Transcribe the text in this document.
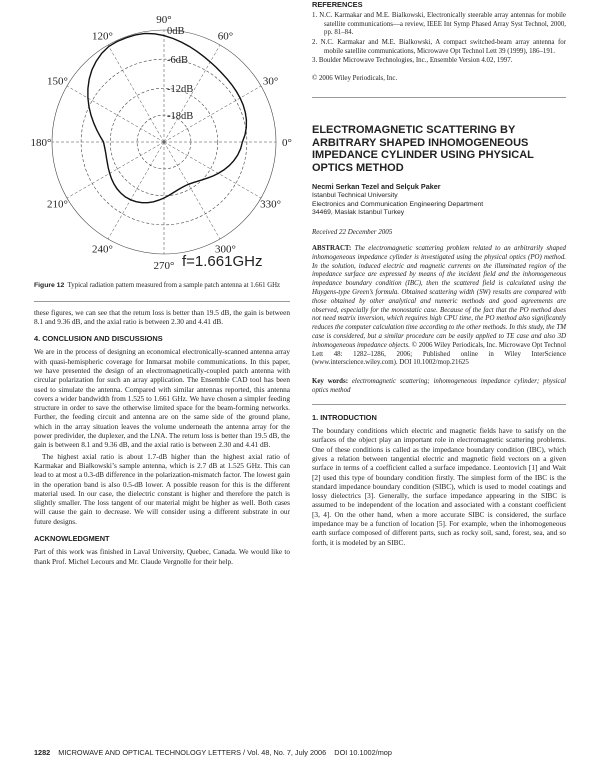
90°
60°
30°
0°
330°
300°
270°
240°
210°
180°
150°
120°	0dB
-6dB
-12dB
-18dB
f=1.661GHz
Figure 12 Typical radiation pattern measured from a sample patch antenna at 1.661 GHz

these figures, we can see that the return loss is better than 19.5 dB, the gain is between 8.1 and 9.36 dB, and the axial ratio is between 2.30 and 4.41 dB.

4. CONCLUSION AND DISCUSSIONS

We are in the process of designing an economical electronically-scanned antenna array with quasi-hemispheric coverage for Inmarsat mobile communications. In this paper, we have presented the design of an electromagnetically-coupled patch antenna with circular polarization for such an array application. The Ensemble CAD tool has been used to simulate the antenna. Compared with similar antennas reported, this antenna covers a wider bandwidth from 1.525 to 1.661 GHz. We have chosen a simpler feeding structure in order to save the otherwise limited space for the beam-forming networks. Further, the feeding circuit and antenna are on the same side of the ground plane, which in the array situation leaves the volume underneath the antenna array for the power predivider, the duplexer, and the LNA. The return loss is better than 19.5 dB, the gain is between 8.1 and 9.36 dB, and the axial ratio is between 2.30 and 4.41 dB.

The highest axial ratio is about 1.7-dB higher than the highest axial ratio of Karmakar and Bialkowski’s sample antenna, which is 2.7 dB at 1.525 GHz. This can lead to at most a 0.3-dB difference in the polarization-mismatch factor. The lowest gain in the operation band is also 0.5-dB lower. A possible reason for this is the different material used. In our case, the dielectric constant is higher and therefore the patch is slightly smaller. The loss tangent of our material might be higher as well. Both cases will cause the gain to decrease. We will consider using a different substrate in our future designs.

ACKNOWLEDGMENT

Part of this work was finished in Laval University, Quebec, Canada. We would like to thank Prof. Michel Lecours and Mr. Claude Vergnolle for their help.

REFERENCES
1. N.C. Karmakar and M.E. Bialkowski, Electronically steerable array antennas for mobile satellite communications—a review, IEEE Int Symp Phased Array Syst Technol, 2000, pp. 81–84.
2. N.C. Karmakar and M.E. Bialkowski, A compact switched-beam array antenna for mobile satellite communications, Microwave Opt Technol Lett 39 (1999), 186–191.
3. Boulder Microwave Technologies, Inc., Ensemble Version 4.02, 1997.
© 2006 Wiley Periodicals, Inc.
ELECTROMAGNETIC SCATTERING BY ARBITRARY SHAPED INHOMOGENEOUS IMPEDANCE CYLINDER USING PHYSICAL OPTICS METHOD
Necmi Serkan Tezel and Selçuk Paker
Istanbul Technical University
Electronics and Communication Engineering Department
34469, Maslak Istanbul Turkey
Received 22 December 2005

ABSTRACT: The electromagnetic scattering problem related to an arbitrarily shaped inhomogeneous impedance cylinder is investigated using the physical optics (PO) method. In the solution, induced electric and magnetic currents on the illuminated region of the impedance surface are expressed by means of the incident field and the inhomogeneous impedance boundary condition (IBC), then the scattered field is calculated using the Huygens-type Green’s formula. Obtained scattering width (SW) results are compared with those obtained by other analytical and numeric methods and good agreements are observed, especially for the monostatic case. Because of the fact that the PO method does not need matrix inversion, which requires high CPU time, the PO method also significantly reduces the computer calculation time according to the other methods. In this study, the TM case is considered, but a similar procedure can be easily applied to TE case and also 3D inhomogeneous impedance objects. © 2006 Wiley Periodicals, Inc. Microwave Opt Technol Lett 48: 1282–1286, 2006; Published online in Wiley InterScience (www.interscience.wiley.com). DOI 10.1002/mop.21625

Key words: electromagnetic scattering; inhomogeneous impedance cylinder; physical optics method

1. INTRODUCTION

The boundary conditions which electric and magnetic fields have to satisfy on the surfaces of the object play an important role in electromagnetic scattering problems. One of these conditions is called as the impedance boundary condition (IBC), which gives a relation between tangential electric and magnetic field vectors on a given surface in terms of a coefficient called a surface impedance. Leontovich [1] and Wait [2] used this type of boundary condition firstly. The simplest form of the IBC is the standard impedance boundary condition (SIBC), which is used to model coatings and lossy dielectrics [3]. Generally, the surface impedance appearing in the SIBC is assumed to be independent of the location and associated with a constant coefficient [3, 4]. On the other hand, when a more accurate SIBC is considered, the surface impedance may be a function of location [5]. For example, when the inhomogeneous earth surface composed of different parts, such as rocky soil, sand, forest, sea, and so forth, it is modeled by an SIBC.

1282 MICROWAVE AND OPTICAL TECHNOLOGY LETTERS / Vol. 48, No. 7, July 2006 DOI 10.1002/mop
